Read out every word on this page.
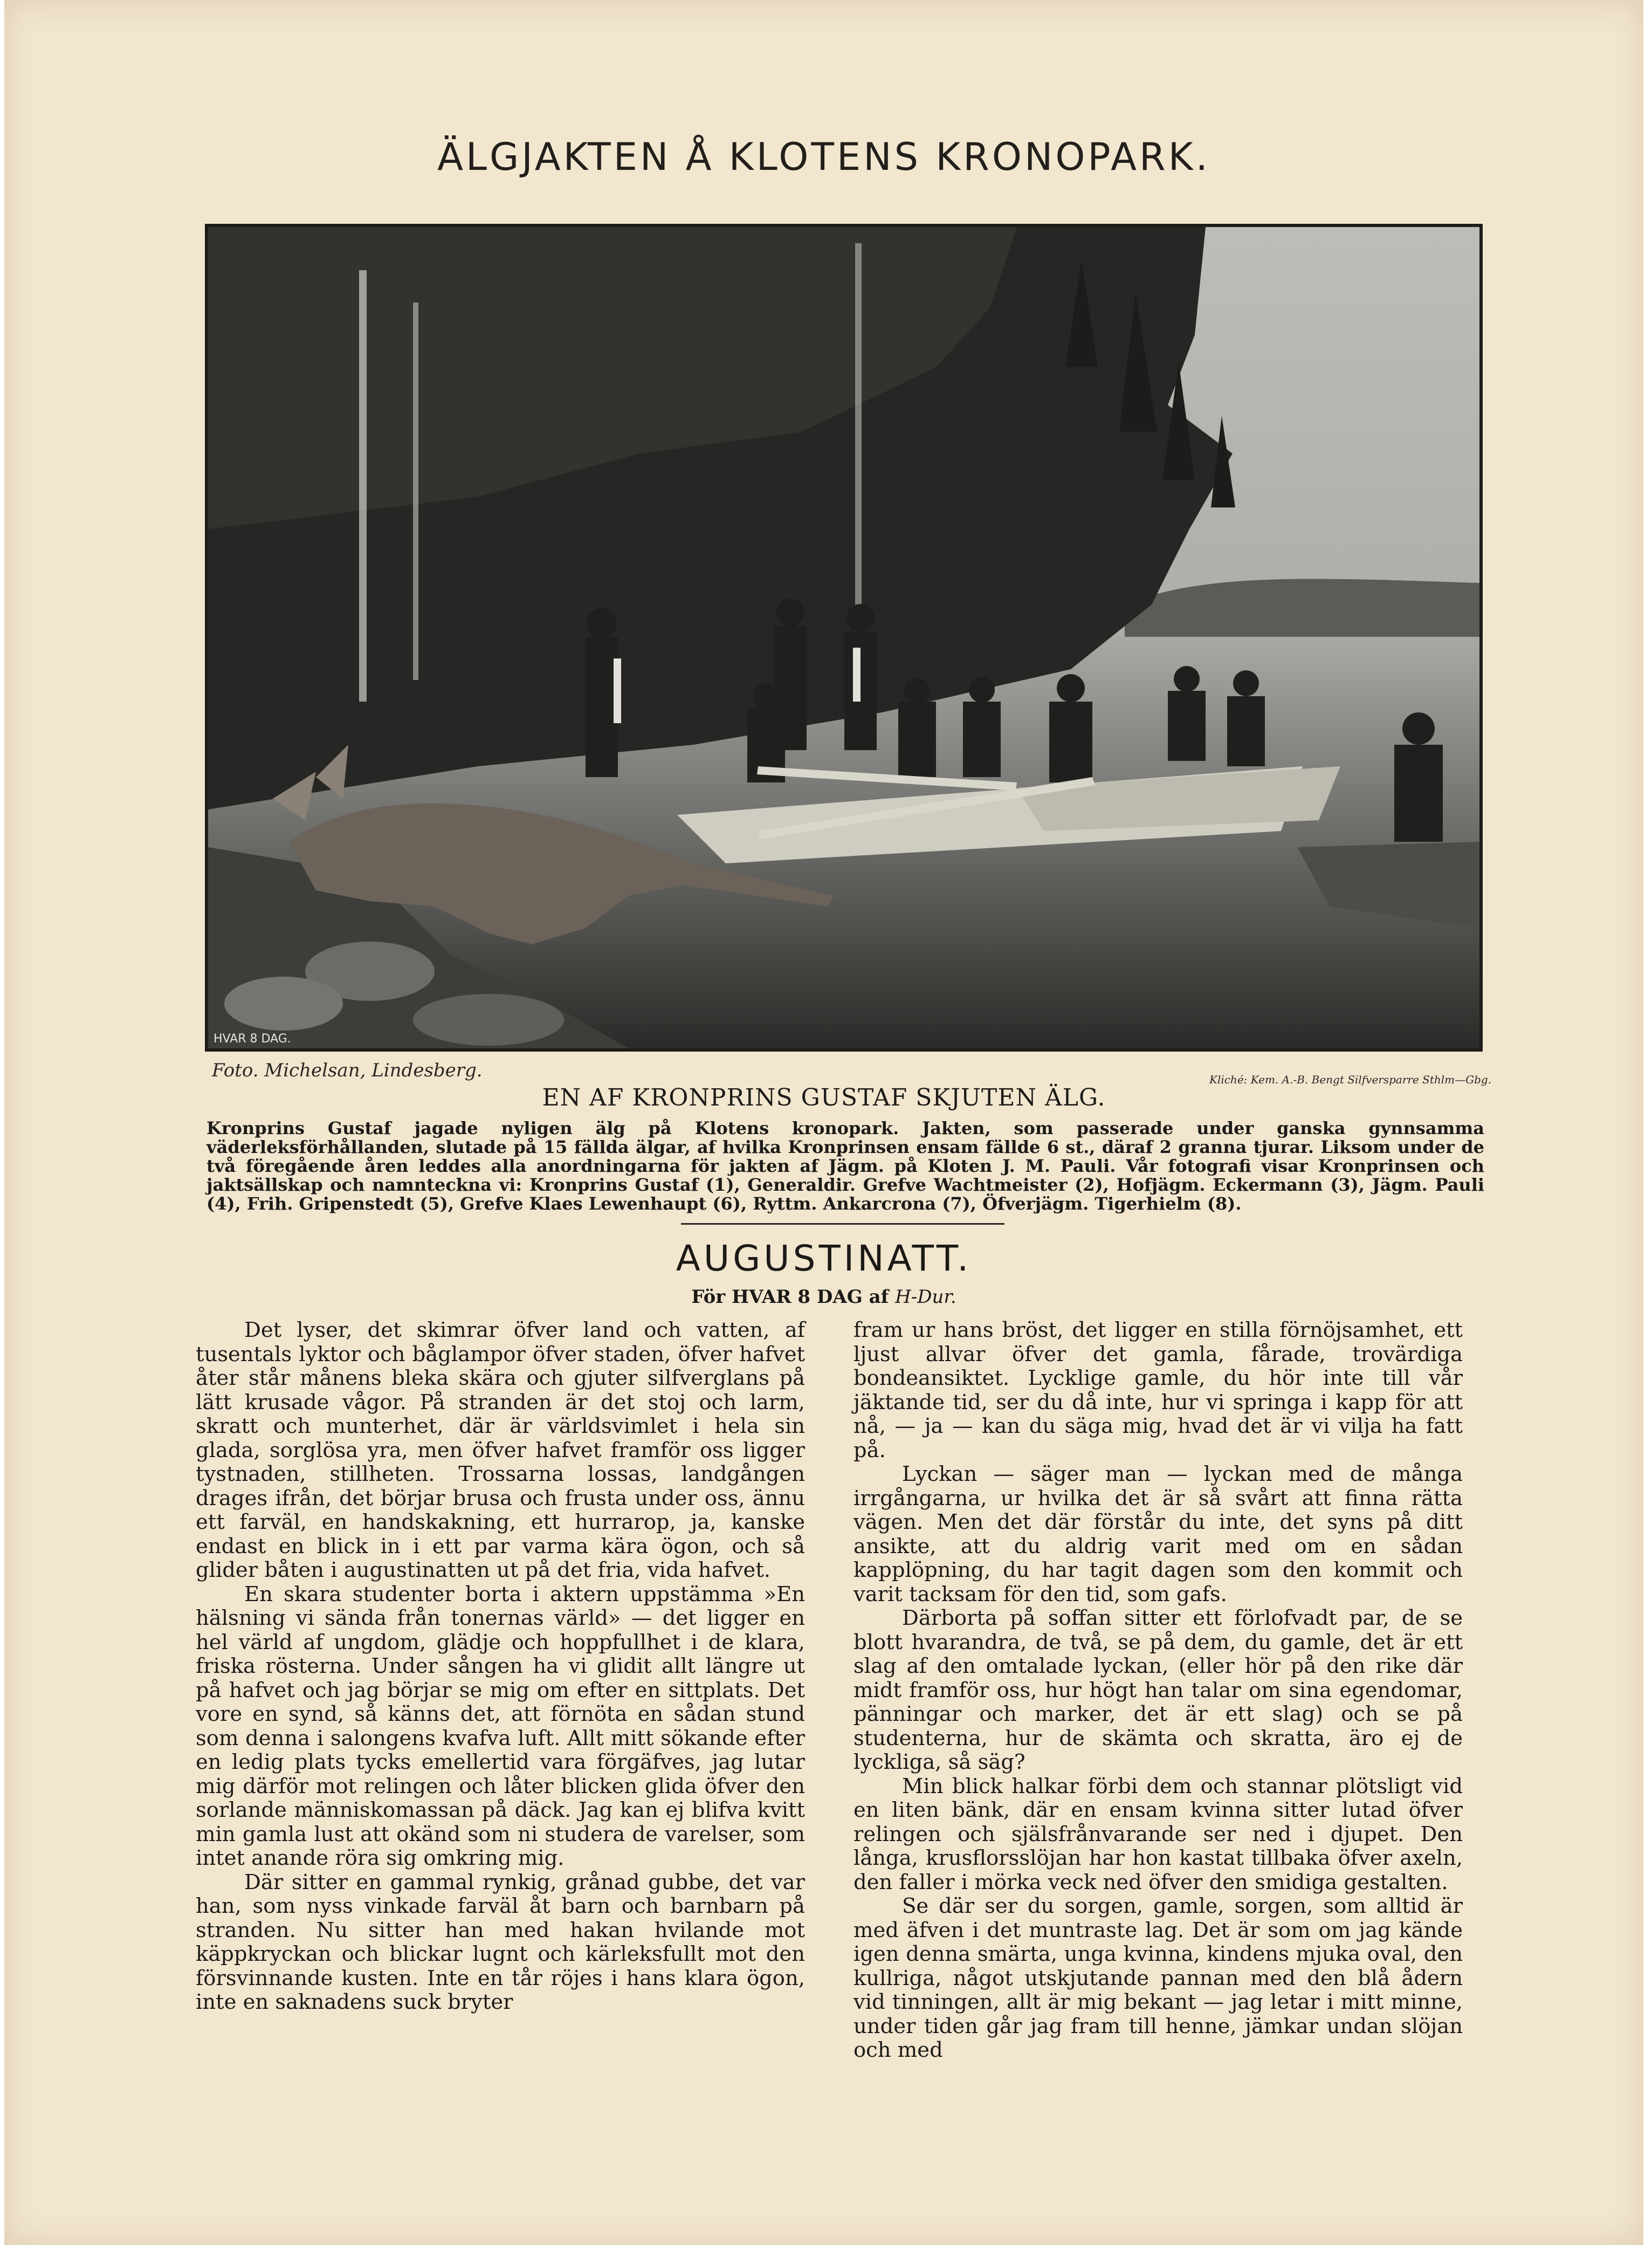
ÄLGJAKTEN Å KLOTENS KRONOPARK.
HVAR 8 DAG.

Foto. Michelsan, Lindesberg.	Kliché: Kem. A.-B. Bengt Silfversparre Sthlm—Gbg.

EN AF KRONPRINS GUSTAF SKJUTEN ÄLG.

Kronprins Gustaf jagade nyligen älg på Klotens kronopark. Jakten, som passerade under ganska gynnsamma väderleksförhållanden, slutade på 15 fällda älgar, af hvilka Kronprinsen ensam fällde 6 st., däraf 2 granna tjurar. Liksom under de två föregående åren leddes alla anordningarna för jakten af Jägm. på Kloten J. M. Pauli. Vår fotografi visar Kronprinsen och jaktsällskap och namnteckna vi: Kronprins Gustaf (1), Generaldir. Grefve Wachtmeister (2), Hofjägm. Eckermann (3), Jägm. Pauli (4), Frih. Gripenstedt (5), Grefve Klaes Lewenhaupt (6), Ryttm. Ankarcrona (7), Öfverjägm. Tigerhielm (8).

AUGUSTINATT.

För HVAR 8 DAG af H-Dur.

Det lyser, det skimrar öfver land och vatten, af tusentals lyktor och båglampor öfver staden, öfver hafvet åter står månens bleka skära och gjuter silfverglans på lätt krusade vågor. På stranden är det stoj och larm, skratt och munterhet, där är världsvimlet i hela sin glada, sorglösa yra, men öfver hafvet framför oss ligger tystnaden, stillheten. Trossarna lossas, landgången drages ifrån, det börjar brusa och frusta under oss, ännu ett farväl, en handskakning, ett hurrarop, ja, kanske endast en blick in i ett par varma kära ögon, och så glider båten i augustinatten ut på det fria, vida hafvet.

En skara studenter borta i aktern uppstämma »En hälsning vi sända från tonernas värld» — det ligger en hel värld af ungdom, glädje och hoppfullhet i de klara, friska rösterna. Under sången ha vi glidit allt längre ut på hafvet och jag börjar se mig om efter en sittplats. Det vore en synd, så känns det, att förnöta en sådan stund som denna i salongens kvafva luft. Allt mitt sökande efter en ledig plats tycks emellertid vara förgäfves, jag lutar mig därför mot relingen och låter blicken glida öfver den sorlande människomassan på däck. Jag kan ej blifva kvitt min gamla lust att okänd som ni studera de varelser, som intet anande röra sig omkring mig.

Där sitter en gammal rynkig, grånad gubbe, det var han, som nyss vinkade farväl åt barn och barnbarn på stranden. Nu sitter han med hakan hvilande mot käppkryckan och blickar lugnt och kärleksfullt mot den försvinnande kusten. Inte en tår röjes i hans klara ögon, inte en saknadens suck bryter

fram ur hans bröst, det ligger en stilla förnöjsamhet, ett ljust allvar öfver det gamla, fårade, trovärdiga bondeansiktet. Lycklige gamle, du hör inte till vår jäktande tid, ser du då inte, hur vi springa i kapp för att nå, — ja — kan du säga mig, hvad det är vi vilja ha fatt på.

Lyckan — säger man — lyckan med de många irrgångarna, ur hvilka det är så svårt att finna rätta vägen. Men det där förstår du inte, det syns på ditt ansikte, att du aldrig varit med om en sådan kapplöpning, du har tagit dagen som den kommit och varit tacksam för den tid, som gafs.

Därborta på soffan sitter ett förlofvadt par, de se blott hvarandra, de två, se på dem, du gamle, det är ett slag af den omtalade lyckan, (eller hör på den rike där midt framför oss, hur högt han talar om sina egendomar, pänningar och marker, det är ett slag) och se på studenterna, hur de skämta och skratta, äro ej de lyckliga, så säg?

Min blick halkar förbi dem och stannar plötsligt vid en liten bänk, där en ensam kvinna sitter lutad öfver relingen och själsfrånvarande ser ned i djupet. Den långa, krusflorsslöjan har hon kastat tillbaka öfver axeln, den faller i mörka veck ned öfver den smidiga gestalten.

Se där ser du sorgen, gamle, sorgen, som alltid är med äfven i det muntraste lag. Det är som om jag kände igen denna smärta, unga kvinna, kindens mjuka oval, den kullriga, något utskjutande pannan med den blå ådern vid tinningen, allt är mig bekant — jag letar i mitt minne, under tiden går jag fram till henne, jämkar undan slöjan och med
